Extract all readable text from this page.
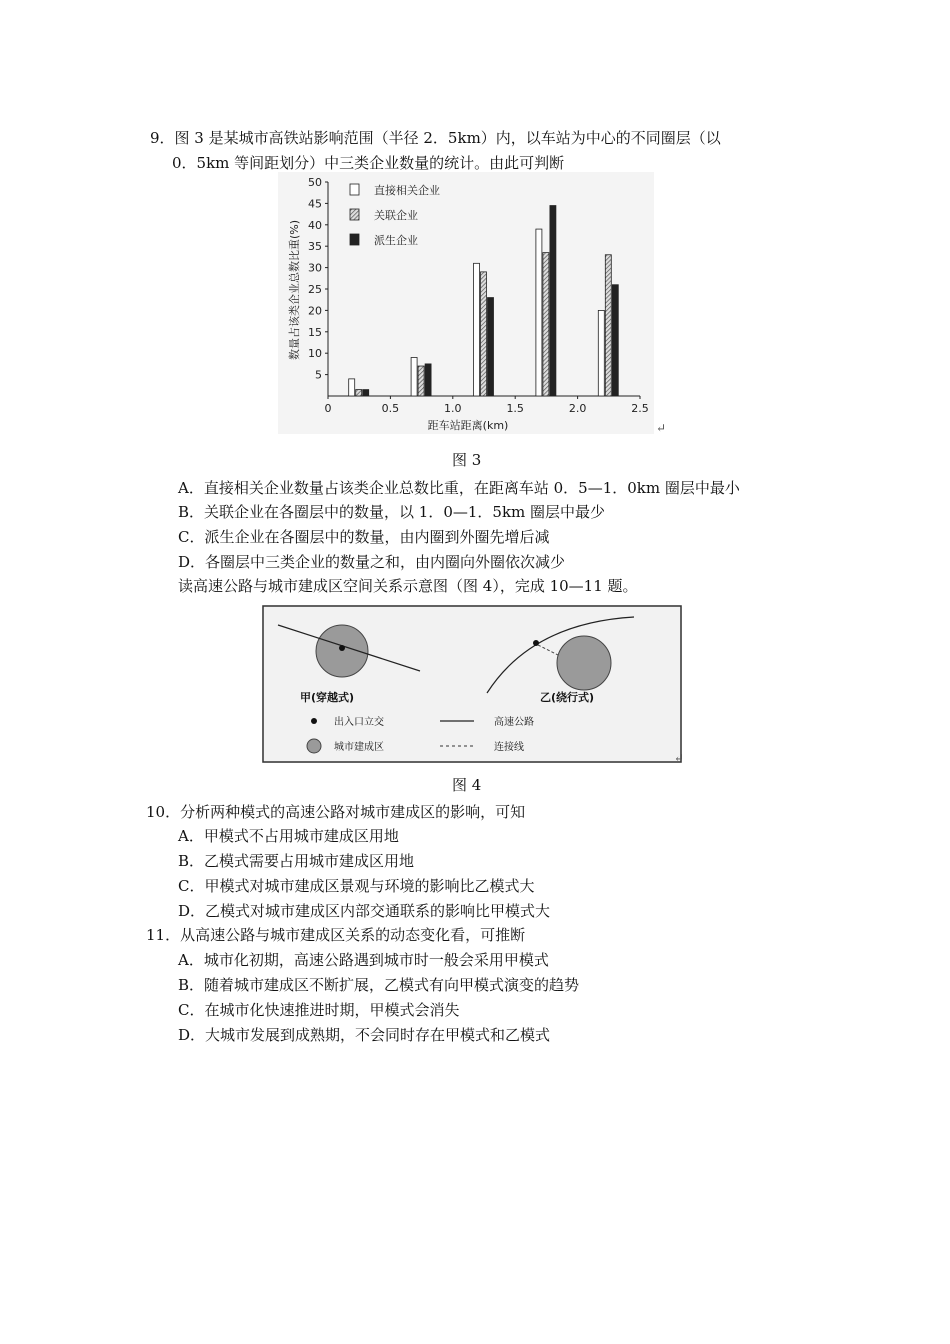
9．图 3 是某城市高铁站影响范围（半径 2．5km）内，以车站为中心的不同圈层（以
0．5km 等间距划分）中三类企业数量的统计。由此可判断
5
10
15
20
25
30
35
40
45
50
0	0.5	1.0	1.5	2.0	2.5
直接相关企业
关联企业
派生企业
距车站距离(km)
数量占该类企业总数比重(%)
↵
图 3
A．直接相关企业数量占该类企业总数比重，在距离车站 0．5—1．0km 圈层中最小
B．关联企业在各圈层中的数量，以 1．0—1．5km 圈层中最少
C．派生企业在各圈层中的数量，由内圈到外圈先增后减
D．各圈层中三类企业的数量之和，由内圈向外圈依次减少
读高速公路与城市建成区空间关系示意图（图 4），完成 10—11 题。
甲(穿越式)	乙(绕行式)
出入口立交	高速公路
城市建成区	连接线
↵
图 4
10．分析两种模式的高速公路对城市建成区的影响，可知
A．甲模式不占用城市建成区用地
B．乙模式需要占用城市建成区用地
C．甲模式对城市建成区景观与环境的影响比乙模式大
D．乙模式对城市建成区内部交通联系的影响比甲模式大
11．从高速公路与城市建成区关系的动态变化看，可推断
A．城市化初期，高速公路遇到城市时一般会采用甲模式
B．随着城市建成区不断扩展，乙模式有向甲模式演变的趋势
C．在城市化快速推进时期，甲模式会消失
D．大城市发展到成熟期，不会同时存在甲模式和乙模式
